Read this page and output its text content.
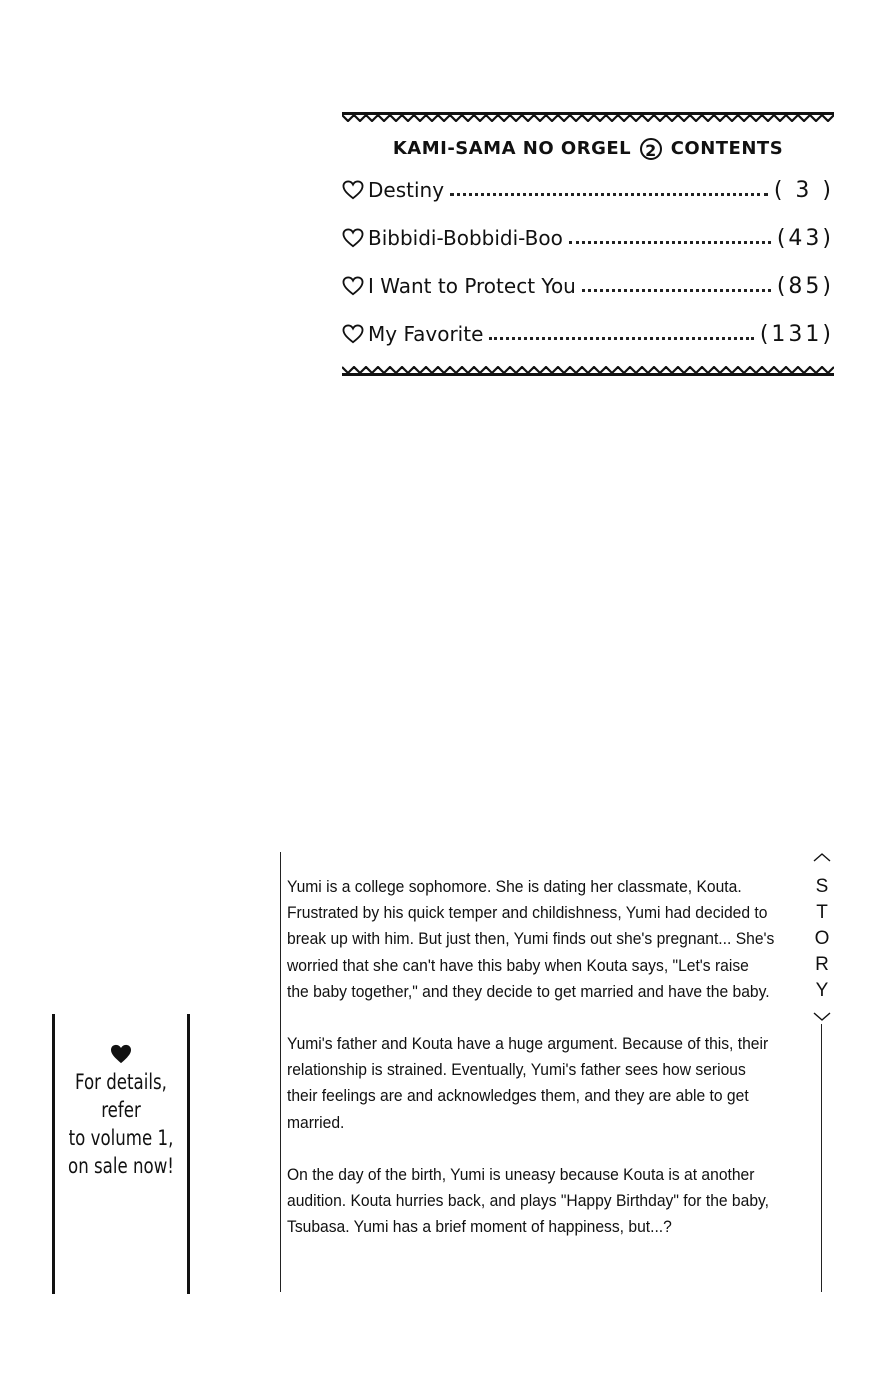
KAMI-SAMA NO ORGEL 2 CONTENTS
Destiny	( 3 )
Bibbidi-Bobbidi-Boo	(43)
I Want to Protect You	(85)
My Favorite	(131)
For details,
refer
to volume 1,
on sale now!

Yumi is a college sophomore. She is dating her classmate, Kouta. Frustrated by his quick temper and childishness, Yumi had decided to break up with him. But just then, Yumi finds out she's pregnant... She's worried that she can't have this baby when Kouta says, "Let's raise the baby together," and they decide to get married and have the baby.

Yumi's father and Kouta have a huge argument. Because of this, their relationship is strained. Eventually, Yumi's father sees how serious their feelings are and acknowledges them, and they are able to get married.

On the day of the birth, Yumi is uneasy because Kouta is at another audition. Kouta hurries back, and plays "Happy Birthday" for the baby, Tsubasa. Yumi has a brief moment of happiness, but...?

S
T
O
R
Y
